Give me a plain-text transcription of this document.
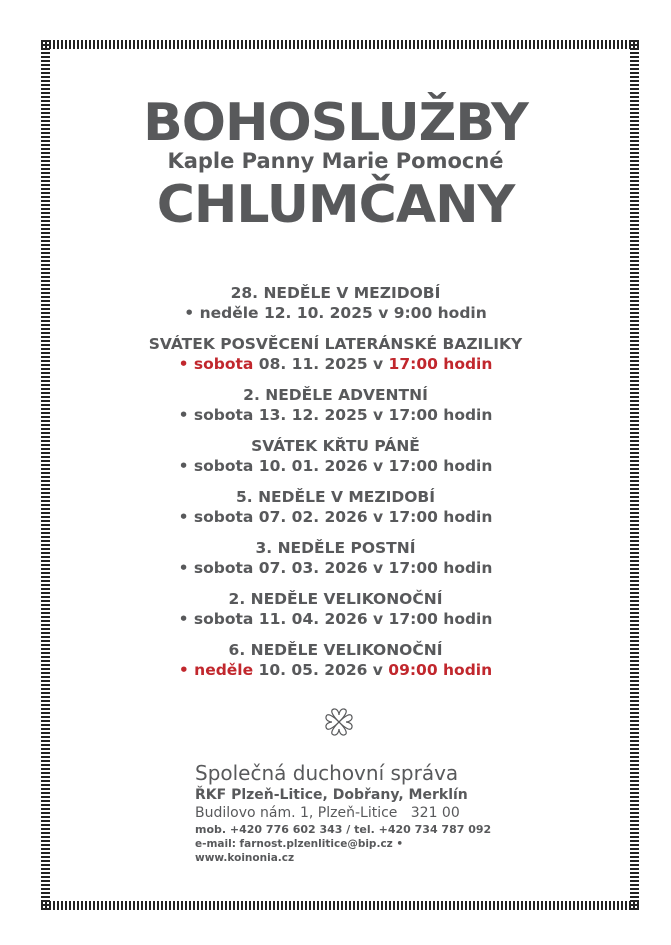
BOHOSLUŽBY
Kaple Panny Marie Pomocné
CHLUMČANY
28. NEDĚLE V MEZIDOBÍ
• neděle 12. 10. 2025 v 9:00 hodin
SVÁTEK POSVĚCENÍ LATERÁNSKÉ BAZILIKY
• sobota 08. 11. 2025 v 17:00 hodin
2. NEDĚLE ADVENTNÍ
• sobota 13. 12. 2025 v 17:00 hodin
SVÁTEK KŘTU PÁNĚ
• sobota 10. 01. 2026 v 17:00 hodin
5. NEDĚLE V MEZIDOBÍ
• sobota 07. 02. 2026 v 17:00 hodin
3. NEDĚLE POSTNÍ
• sobota 07. 03. 2026 v 17:00 hodin
2. NEDĚLE VELIKONOČNÍ
• sobota 11. 04. 2026 v 17:00 hodin
6. NEDĚLE VELIKONOČNÍ
• neděle 10. 05. 2026 v 09:00 hodin
Společná duchovní správa
ŘKF Plzeň-Litice, Dobřany, Merklín
Budilovo nám. 1, Plzeň-Litice   321 00
mob. +420 776 602 343 / tel. +420 734 787 092
e-mail: farnost.plzenlitice@bip.cz • www.koinonia.cz
